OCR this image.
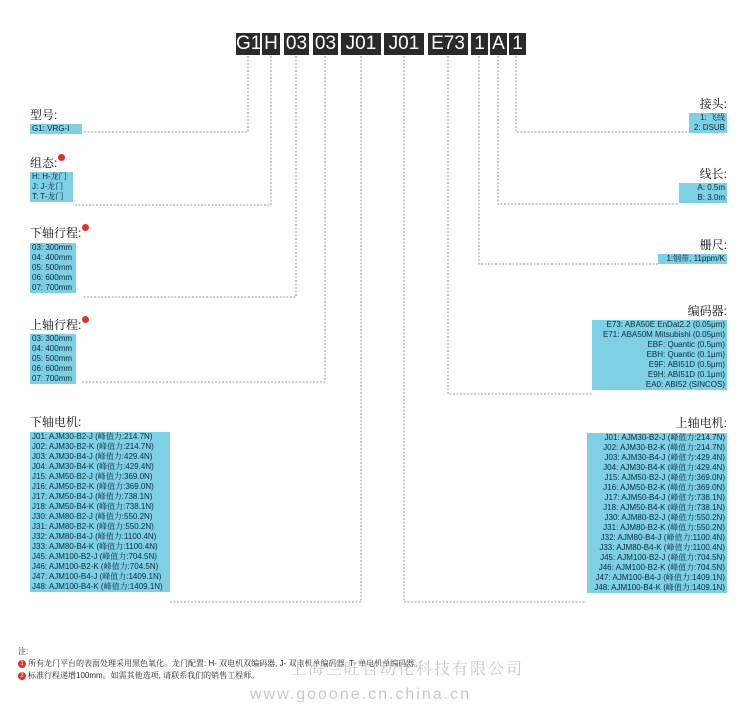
G1 H 03 03 J01 J01 E73 1 A 1
型号:
G1: VRG-I
组态:
H: H-龙门
J: J-龙门
T: T-龙门
下轴行程:
03: 300mm
04: 400mm
05: 500mm
06: 600mm
07: 700mm
上轴行程:
03: 300mm
04: 400mm
05: 500mm
06: 600mm
07: 700mm
下轴电机:
J01: AJM30-B2-J (峰值力:214.7N)
J02: AJM30-B2-K (峰值力:214.7N)
J03: AJM30-B4-J (峰值力:429.4N)
J04: AJM30-B4-K (峰值力:429.4N)
J15: AJM50-B2-J (峰值力:369.0N)
J16: AJM50-B2-K (峰值力:369.0N)
J17: AJM50-B4-J (峰值力:738.1N)
J18: AJM50-B4-K (峰值力:738.1N)
J30: AJM80-B2-J (峰值力:550.2N)
J31: AJM80-B2-K (峰值力:550.2N)
J32: AJM80-B4-J (峰值力:1100.4N)
J33: AJM80-B4-K (峰值力:1100.4N)
J45: AJM100-B2-J (峰值力:704.5N)
J46: AJM100-B2-K (峰值力:704.5N)
J47: AJM100-B4-J (峰值力:1409.1N)
J48: AJM100-B4-K (峰值力:1409.1N)
接头:
1: 飞线
2: DSUB
线长:
A: 0.5m
B: 3.0m
栅尺:
1:钢带, 11ppm/K
编码器:
E73: ABA50E EnDat2.2 (0.05μm)
E71: ABA50M Mitsubishi (0.05μm)
EBF: Quantic (0.5μm)
EBH: Quantic (0.1μm)
E9F: ABI51D (0.5μm)
E9H: ABI51D (0.1μm)
EA0: ABI52 (SINCOS)
上轴电机:
J01: AJM30-B2-J (峰值力:214.7N)
J02: AJM30-B2-K (峰值力:214.7N)
J03: AJM30-B4-J (峰值力:429.4N)
J04: AJM30-B4-K (峰值力:429.4N)
J15: AJM50-B2-J (峰值力:369.0N)
J16: AJM50-B2-K (峰值力:369.0N)
J17: AJM50-B4-J (峰值力:738.1N)
J18: AJM50-B4-K (峰值力:738.1N)
J30: AJM80-B2-J (峰值力:550.2N)
J31: AJM80-B2-K (峰值力:550.2N)
J32: AJM80-B4-J (峰值力:1100.4N)
J33: AJM80-B4-K (峰值力:1100.4N)
J45: AJM100-B2-J (峰值力:704.5N)
J46: AJM100-B2-K (峰值力:704.5N)
J47: AJM100-B4-J (峰值力:1409.1N)
J48: AJM100-B4-K (峰值力:1409.1N)
注:
1 所有龙门平台的表面处理采用黑色氧化。龙门配置: H- 双电机双编码器, J- 双电机单编码器, T- 单电机单编码器。
2 标准行程递增100mm。如需其他选项, 请联系我们的销售工程师。	上海兰旺自动化科技有限公司
www.gooone.cn.china.cn
